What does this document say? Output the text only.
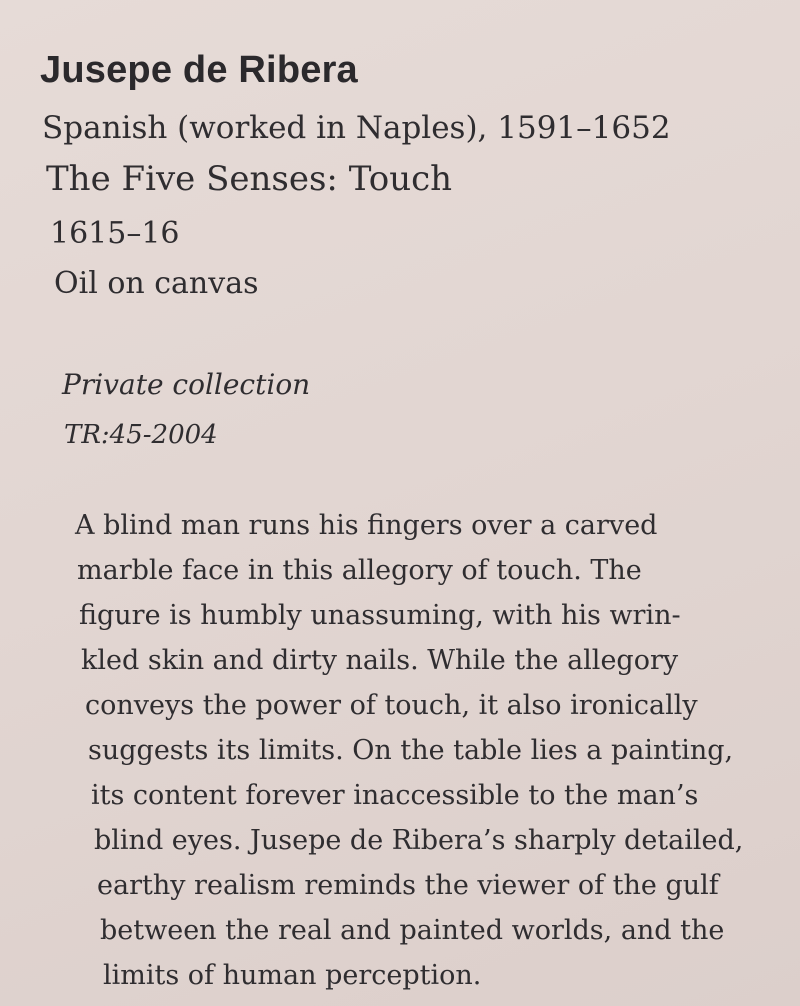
Jusepe de Ribera

Spanish (worked in Naples), 1591–1652

The Five Senses: Touch

1615–16

Oil on canvas

Private collection

TR:45-2004

A blind man runs his fingers over a carved
marble face in this allegory of touch. The
figure is humbly unassuming, with his wrin-
kled skin and dirty nails. While the allegory
conveys the power of touch, it also ironically
suggests its limits. On the table lies a painting,
its content forever inaccessible to the man’s
blind eyes. Jusepe de Ribera’s sharply detailed,
earthy realism reminds the viewer of the gulf
between the real and painted worlds, and the
limits of human perception.
